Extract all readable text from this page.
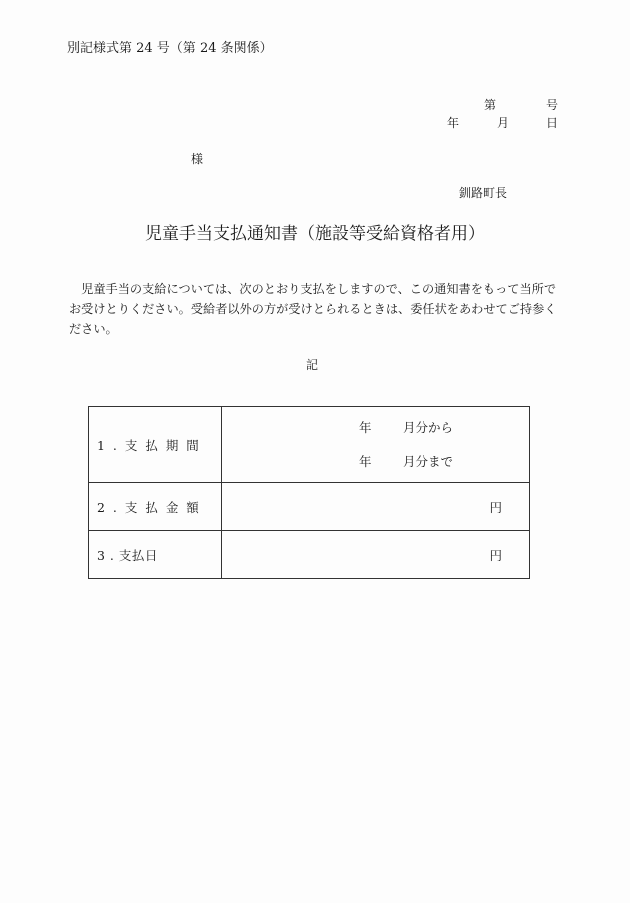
別記様式第 24 号（第 24 条関係）
第	号
年	月	日
様
釧路町長
児童手当支払通知書（施設等受給資格者用）
　児童手当の支給については、次のとおり支払をしますので、この通知書をもって当所で
お受けとりください。受給者以外の方が受けとられるときは、委任状をあわせてご持参く
ださい。
記
1 . 支 払 期 間	年 月分から
年 月分まで

2 . 支 払 金 額	円
3 . 支払日	円
